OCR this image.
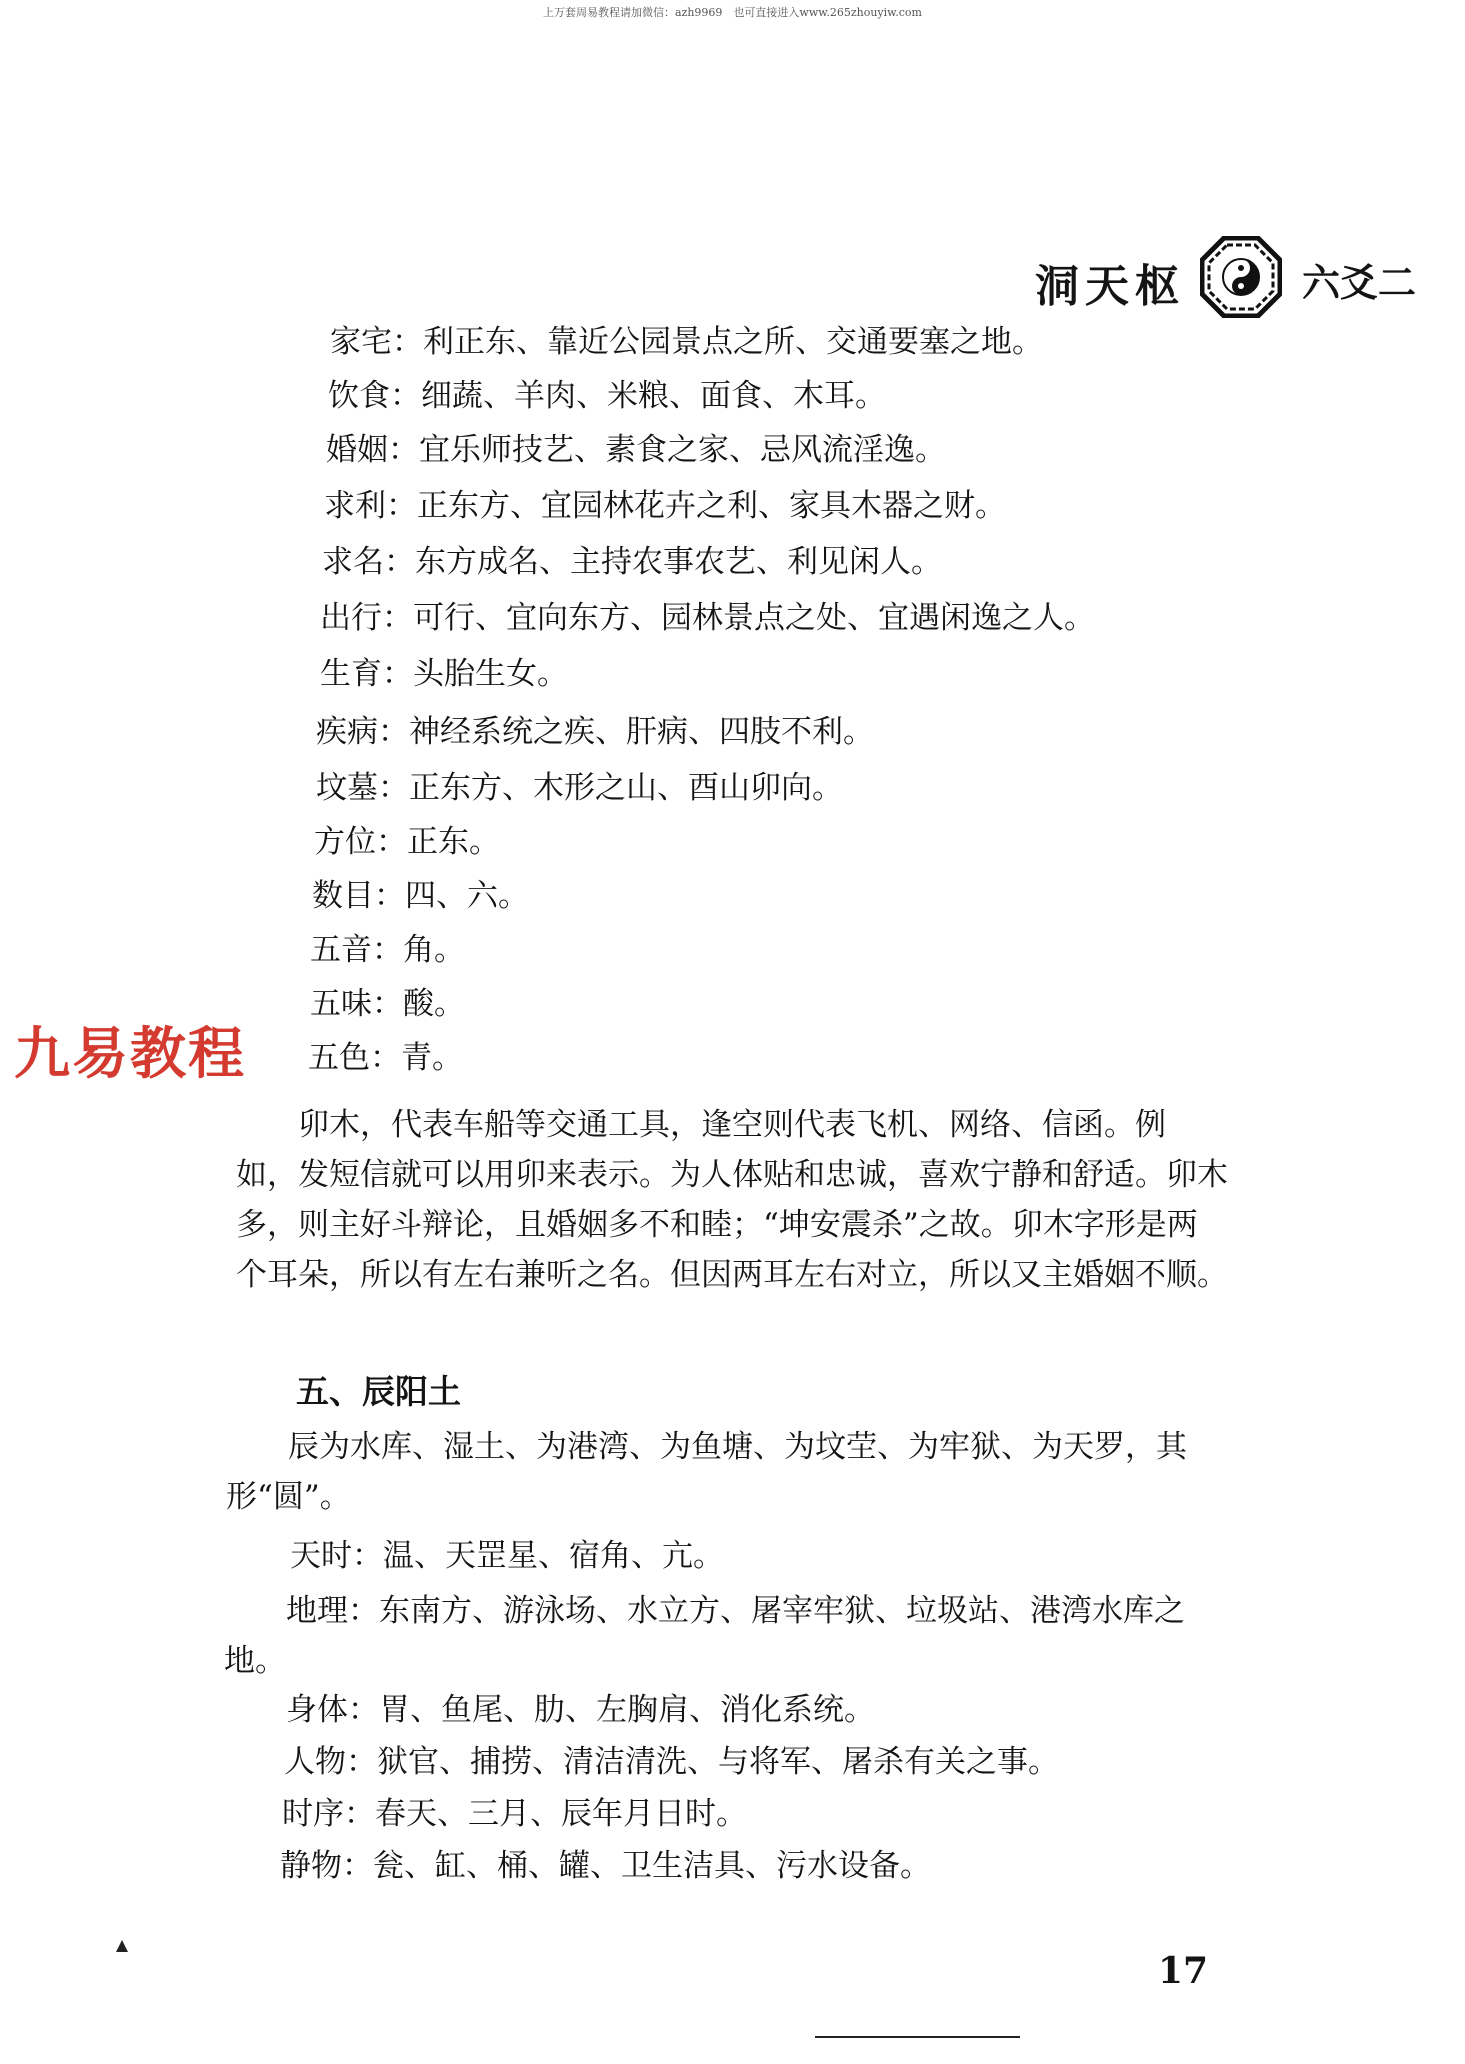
上万套周易教程请加微信：azh9969　也可直接进入www.265zhouyiw.com
洞天枢	六爻二
家宅：利正东、靠近公园景点之所、交通要塞之地。
饮食：细蔬、羊肉、米粮、面食、木耳。
婚姻：宜乐师技艺、素食之家、忌风流淫逸。
求利：正东方、宜园林花卉之利、家具木器之财。
求名：东方成名、主持农事农艺、利见闲人。
出行：可行、宜向东方、园林景点之处、宜遇闲逸之人。
生育：头胎生女。
疾病：神经系统之疾、肝病、四肢不利。
坟墓：正东方、木形之山、酉山卯向。
方位：正东。
数目：四、六。
五音：角。
五味：酸。
五色：青。
九易教程
卯木，代表车船等交通工具，逢空则代表飞机、网络、信函。例
如，发短信就可以用卯来表示。为人体贴和忠诚，喜欢宁静和舒适。卯木
多，则主好斗辩论，且婚姻多不和睦；“坤安震杀”之故。卯木字形是两
个耳朵，所以有左右兼听之名。但因两耳左右对立，所以又主婚姻不顺。
五、辰阳土
辰为水库、湿土、为港湾、为鱼塘、为坟茔、为牢狱、为天罗，其
形“圆”。
天时：温、天罡星、宿角、亢。
地理：东南方、游泳场、水立方、屠宰牢狱、垃圾站、港湾水库之
地。
身体：胃、鱼尾、肋、左胸肩、消化系统。
人物：狱官、捕捞、清洁清洗、与将军、屠杀有关之事。
时序：春天、三月、辰年月日时。
静物：瓮、缸、桶、罐、卫生洁具、污水设备。
17
